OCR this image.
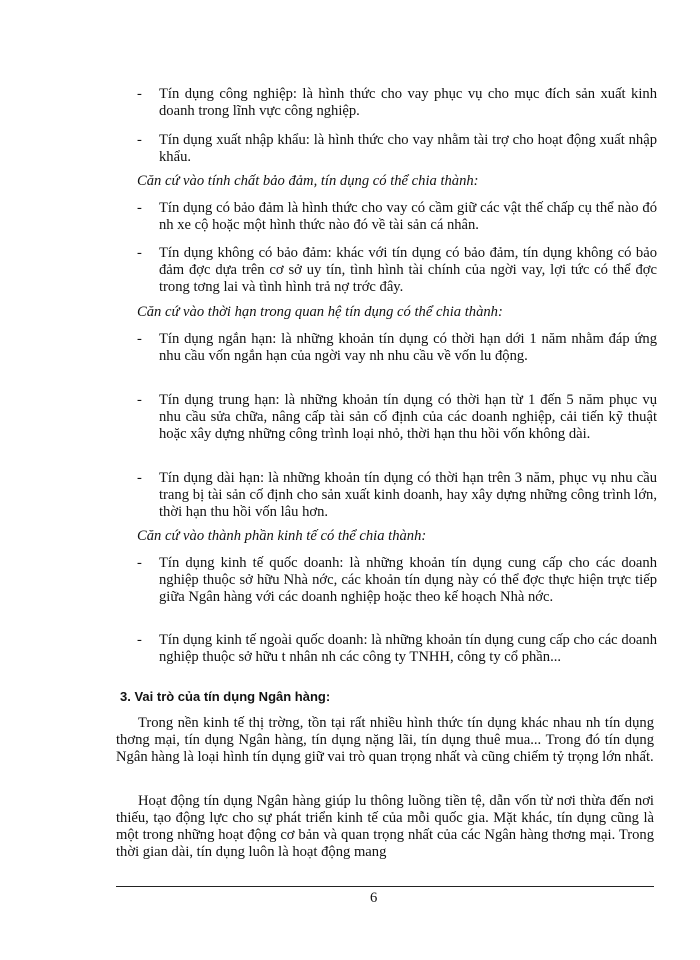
-	Tín dụng công nghiệp: là hình thức cho vay phục vụ cho mục đích sản xuất kinh doanh trong lĩnh vực công nghiệp.
-	Tín dụng xuất nhập khẩu: là hình thức cho vay nhằm tài trợ cho hoạt động xuất nhập khẩu.
Căn cứ vào tính chất bảo đảm, tín dụng có thể chia thành:
-	Tín dụng có bảo đảm là hình thức cho vay có cầm giữ các vật thế chấp cụ thể nào đó nh xe cộ hoặc một hình thức nào đó về tài sản cá nhân.
-	Tín dụng không có bảo đảm: khác với tín dụng có bảo đảm, tín dụng không có bảo đảm đợc dựa trên cơ sở uy tín, tình hình tài chính của ngời vay, lợi tức có thể đợc trong tơng lai và tình hình trả nợ trớc đây.
Căn cứ vào thời hạn trong quan hệ tín dụng có thể chia thành:
-	Tín dụng ngắn hạn: là những khoản tín dụng có thời hạn dới 1 năm nhằm đáp ứng nhu cầu vốn ngắn hạn của ngời vay nh nhu cầu về vốn lu động.
-	Tín dụng trung hạn: là những khoản tín dụng có thời hạn từ 1 đến 5 năm phục vụ nhu cầu sửa chữa, nâng cấp tài sản cố định của các doanh nghiệp, cải tiến kỹ thuật hoặc xây dựng những công trình loại nhỏ, thời hạn thu hồi vốn không dài.
-	Tín dụng dài hạn: là những khoản tín dụng có thời hạn trên 3 năm, phục vụ nhu cầu trang bị tài sản cố định cho sản xuất kinh doanh, hay xây dựng những công trình lớn, thời hạn thu hồi vốn lâu hơn.
Căn cứ vào thành phần kinh tế có thể chia thành:
-	Tín dụng kinh tế quốc doanh: là những khoản tín dụng cung cấp cho các doanh nghiệp thuộc sở hữu Nhà nớc, các khoản tín dụng này có thể đợc thực hiện trực tiếp giữa Ngân hàng với các doanh nghiệp hoặc theo kế hoạch Nhà nớc.
-	Tín dụng kinh tế ngoài quốc doanh: là những khoản tín dụng cung cấp cho các doanh nghiệp thuộc sở hữu t nhân nh các công ty TNHH, công ty cổ phần...
3. Vai trò của tín dụng Ngân hàng:
Trong nền kinh tế thị trờng, tồn tại rất nhiều hình thức tín dụng khác nhau nh tín dụng thơng mại, tín dụng Ngân hàng, tín dụng nặng lãi, tín dụng thuê mua... Trong đó tín dụng Ngân hàng là loại hình tín dụng giữ vai trò quan trọng nhất và cũng chiếm tỷ trọng lớn nhất.
Hoạt động tín dụng Ngân hàng giúp lu thông luồng tiền tệ, dẫn vốn từ nơi thừa đến nơi thiếu, tạo động lực cho sự phát triển kinh tế của mỗi quốc gia. Mặt khác, tín dụng cũng là một trong những hoạt động cơ bản và quan trọng nhất của các Ngân hàng thơng mại. Trong thời gian dài, tín dụng luôn là hoạt động mang
6
